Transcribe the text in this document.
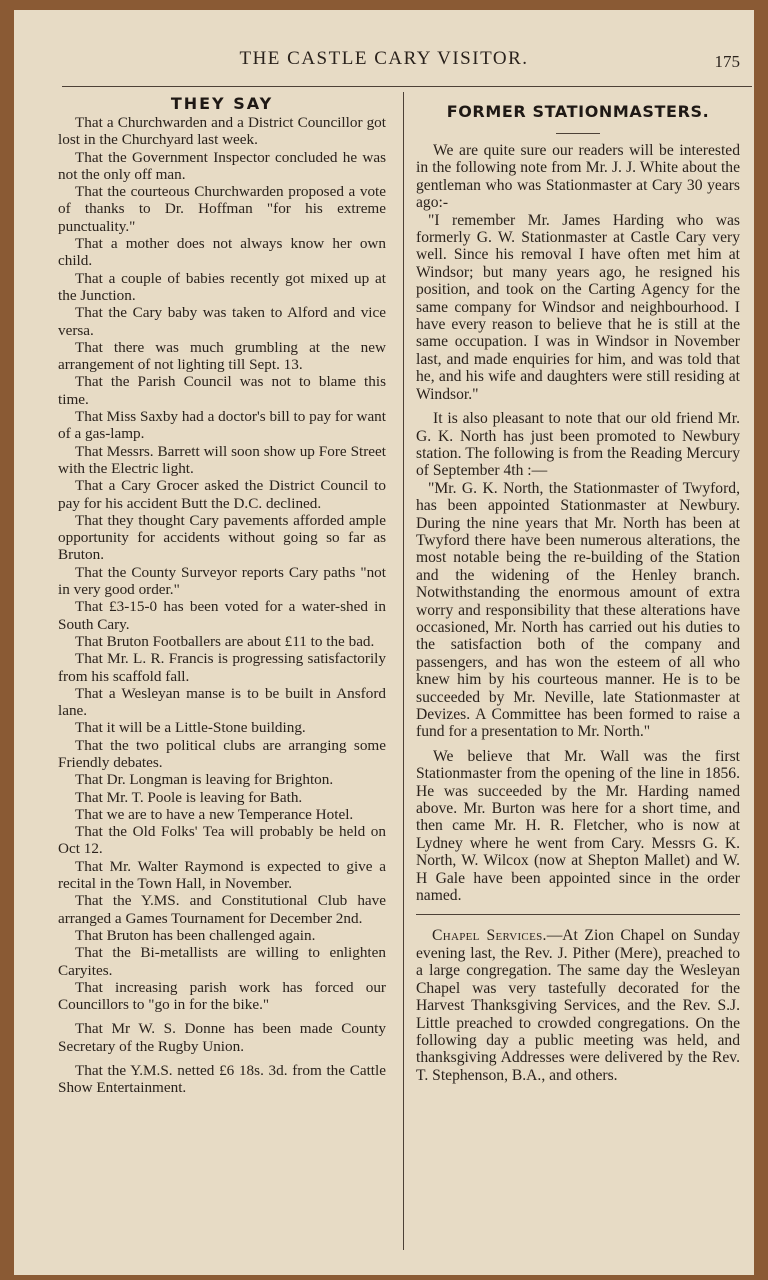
THE CASTLE CARY VISITOR.	175
THEY SAY

That a Churchwarden and a District Councillor got lost in the Churchyard last week.

That the Government Inspector concluded he was not the only off man.

That the courteous Churchwarden proposed a vote of thanks to Dr. Hoffman "for his extreme punctuality."

That a mother does not always know her own child.

That a couple of babies recently got mixed up at the Junction.

That the Cary baby was taken to Alford and vice versa.

That there was much grumbling at the new arrangement of not lighting till Sept. 13.

That the Parish Council was not to blame this time.

That Miss Saxby had a doctor's bill to pay for want of a gas-lamp.

That Messrs. Barrett will soon show up Fore Street with the Electric light.

That a Cary Grocer asked the District Council to pay for his accident Butt the D.C. declined.

That they thought Cary pavements afforded ample opportunity for accidents without going so far as Bruton.

That the County Surveyor reports Cary paths "not in very good order."

That £3-15-0 has been voted for a water-shed in South Cary.

That Bruton Footballers are about £11 to the bad.

That Mr. L. R. Francis is progressing satisfactorily from his scaffold fall.

That a Wesleyan manse is to be built in Ansford lane.

That it will be a Little-Stone building.

That the two political clubs are arranging some Friendly debates.

That Dr. Longman is leaving for Brighton.

That Mr. T. Poole is leaving for Bath.

That we are to have a new Temperance Hotel.

That the Old Folks' Tea will probably be held on Oct 12.

That Mr. Walter Raymond is expected to give a recital in the Town Hall, in November.

That the Y.MS. and Constitutional Club have arranged a Games Tournament for December 2nd.

That Bruton has been challenged again.

That the Bi-metallists are willing to enlighten Caryites.

That increasing parish work has forced our Councillors to "go in for the bike."

That Mr W. S. Donne has been made County Secretary of the Rugby Union.

That the Y.M.S. netted £6 18s. 3d. from the Cattle Show Entertainment.

FORMER STATIONMASTERS.

We are quite sure our readers will be interested in the following note from Mr. J. J. White about the gentleman who was Stationmaster at Cary 30 years ago:-

"I remember Mr. James Harding who was formerly G. W. Stationmaster at Castle Cary very well. Since his removal I have often met him at Windsor; but many years ago, he resigned his position, and took on the Carting Agency for the same company for Windsor and neighbourhood. I have every reason to believe that he is still at the same occupation. I was in Windsor in November last, and made enquiries for him, and was told that he, and his wife and daughters were still residing at Windsor."

It is also pleasant to note that our old friend Mr. G. K. North has just been promoted to Newbury station. The following is from the Reading Mercury of September 4th :—

"Mr. G. K. North, the Stationmaster of Twyford, has been appointed Stationmaster at Newbury. During the nine years that Mr. North has been at Twyford there have been numerous alterations, the most notable being the re-building of the Station and the widening of the Henley branch. Notwithstanding the enormous amount of extra worry and responsibility that these alterations have occasioned, Mr. North has carried out his duties to the satisfaction both of the company and passengers, and has won the esteem of all who knew him by his courteous manner. He is to be succeeded by Mr. Neville, late Stationmaster at Devizes. A Committee has been formed to raise a fund for a presentation to Mr. North."

We believe that Mr. Wall was the first Stationmaster from the opening of the line in 1856. He was succeeded by the Mr. Harding named above. Mr. Burton was here for a short time, and then came Mr. H. R. Fletcher, who is now at Lydney where he went from Cary. Messrs G. K. North, W. Wilcox (now at Shepton Mallet) and W. H Gale have been appointed since in the order named.

Chapel Services.—At Zion Chapel on Sunday evening last, the Rev. J. Pither (Mere), preached to a large congregation. The same day the Wesleyan Chapel was very tastefully decorated for the Harvest Thanksgiving Services, and the Rev. S.J. Little preached to crowded congregations. On the following day a public meeting was held, and thanksgiving Addresses were delivered by the Rev. T. Stephenson, B.A., and others.
